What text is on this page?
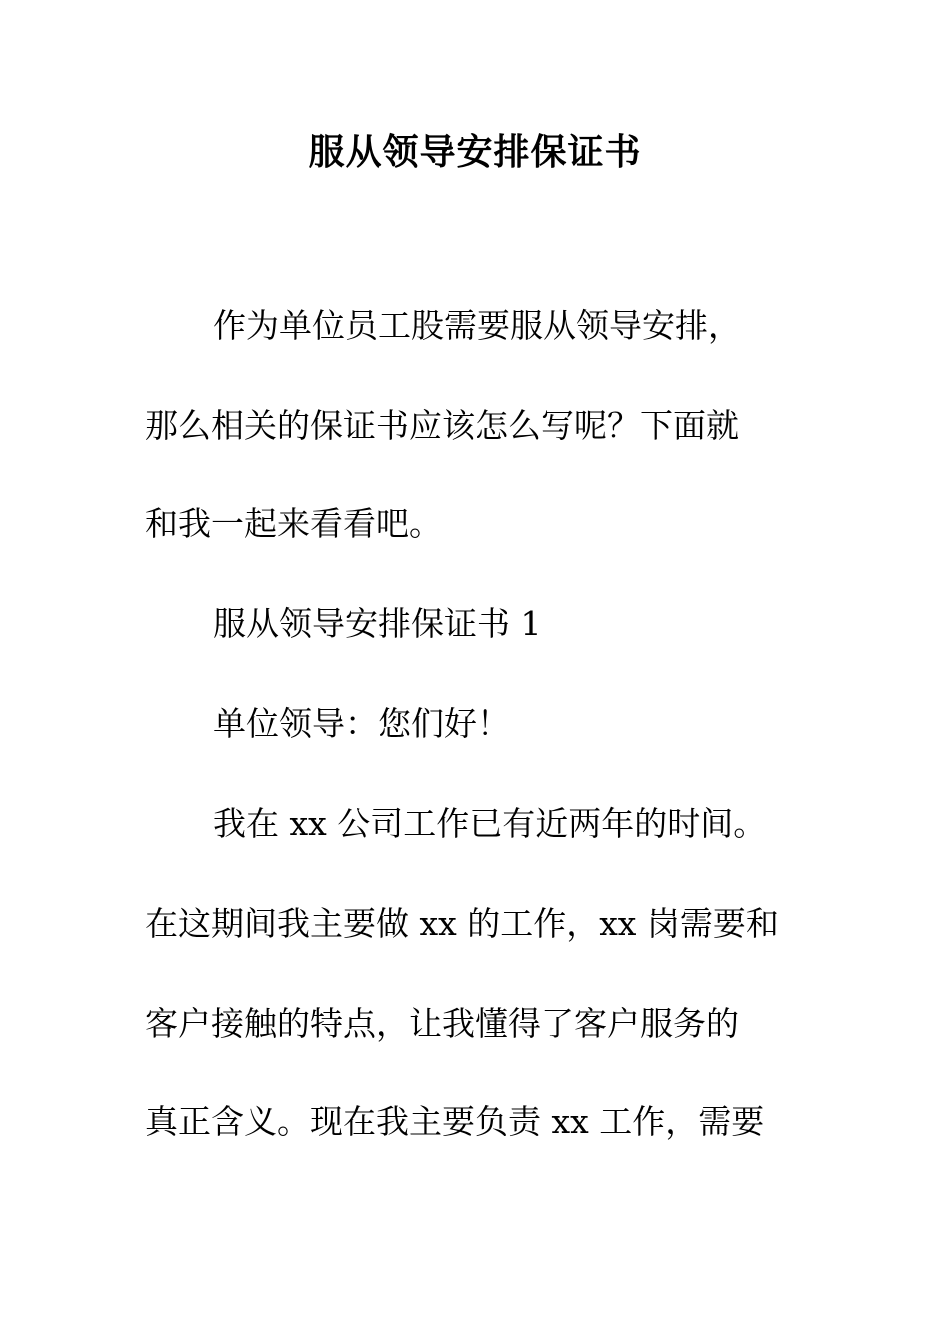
服从领导安排保证书
作为单位员工股需要服从领导安排，
那么相关的保证书应该怎么写呢？下面就
和我一起来看看吧。
服从领导安排保证书 1
单位领导：您们好！
我在 xx 公司工作已有近两年的时间。
在这期间我主要做 xx 的工作，xx 岗需要和
客户接触的特点，让我懂得了客户服务的
真正含义。现在我主要负责 xx 工作，需要
